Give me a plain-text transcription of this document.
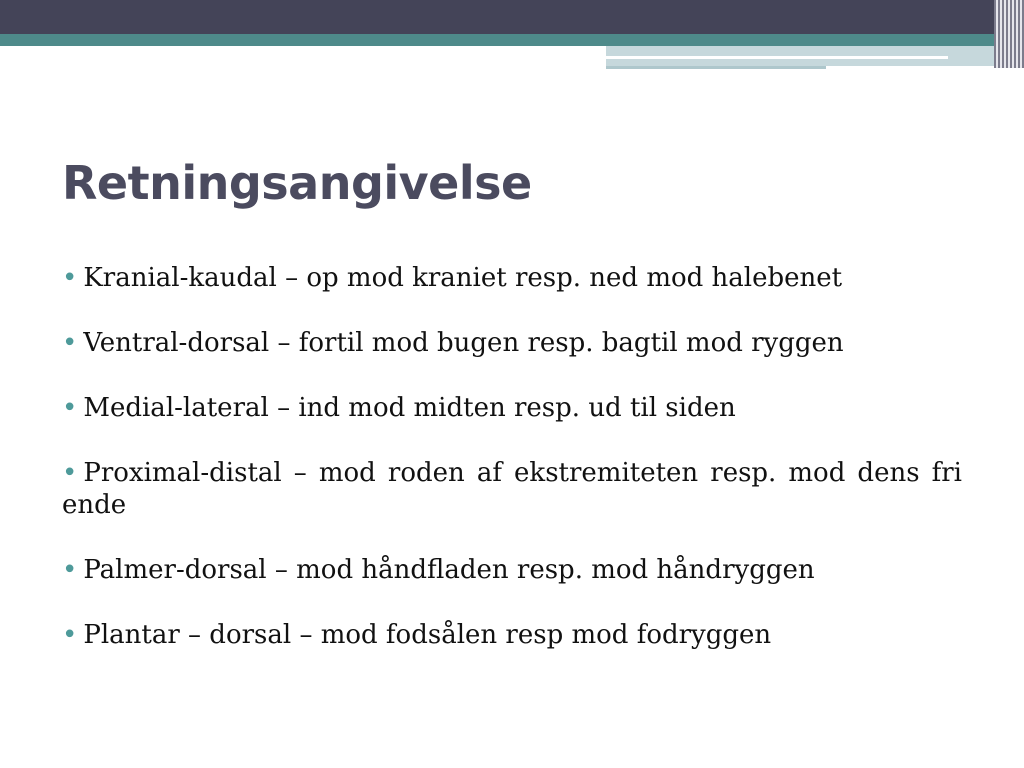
Retningsangivelse
• Kranial-kaudal – op mod kraniet resp. ned mod halebenet
• Ventral-dorsal – fortil mod bugen resp. bagtil mod ryggen
• Medial-lateral – ind mod midten resp. ud til siden
• Proximal-distal – mod roden af ekstremiteten resp. mod dens fri ende
• Palmer-dorsal – mod håndfladen resp. mod håndryggen
• Plantar – dorsal – mod fodsålen resp mod fodryggen
